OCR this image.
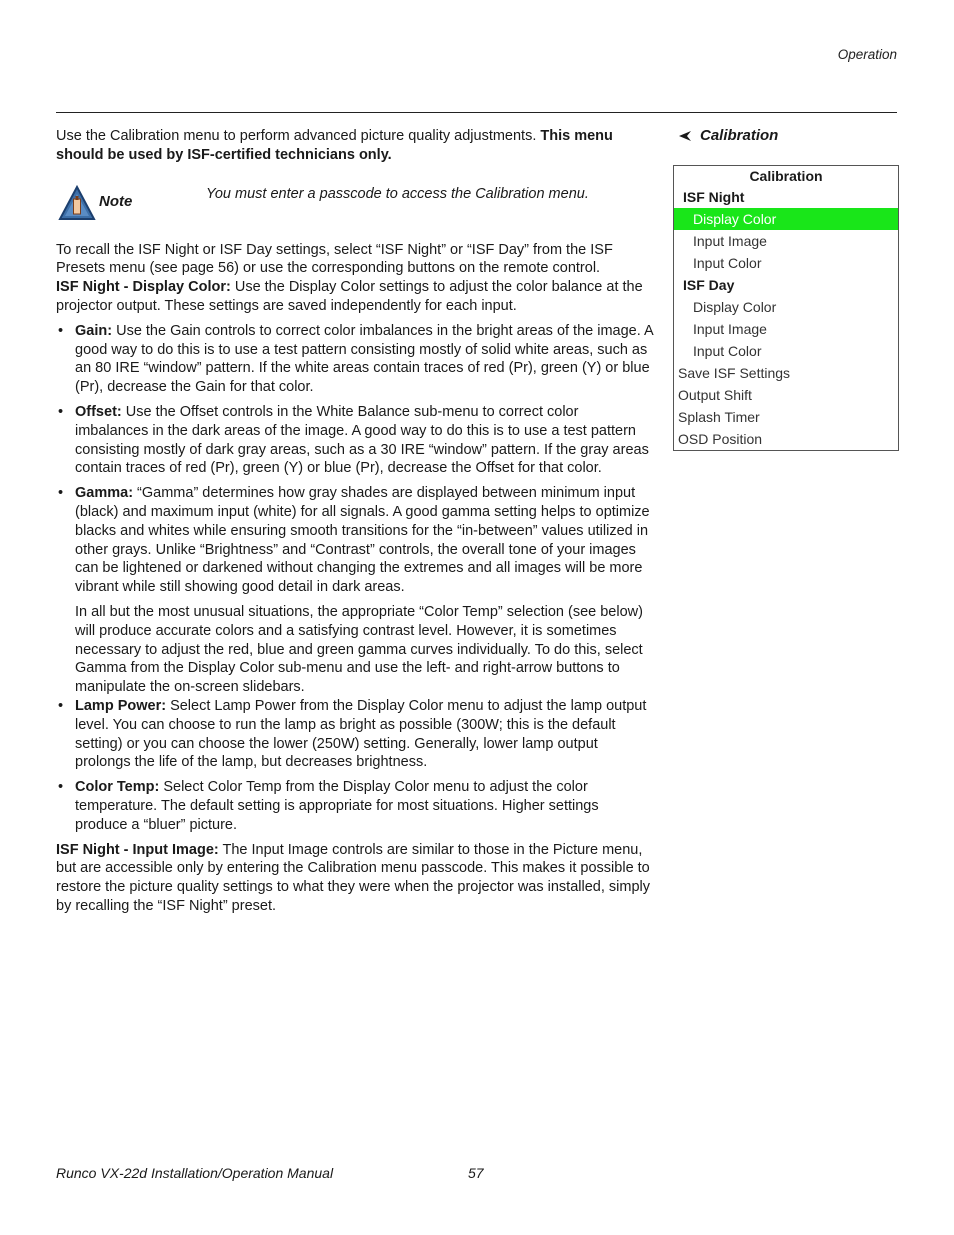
Operation

Use the Calibration menu to perform advanced picture quality adjustments. This menu should be used by ISF-certified technicians only.

Note	You must enter a passcode to access the Calibration menu.

To recall the ISF Night or ISF Day settings, select “ISF Night” or “ISF Day” from the ISF Presets menu (see page 56) or use the corresponding buttons on the remote control.

ISF Night - Display Color: Use the Display Color settings to adjust the color balance at the projector output. These settings are saved independently for each input.

• Gain: Use the Gain controls to correct color imbalances in the bright areas of the image. A good way to do this is to use a test pattern consisting mostly of solid white areas, such as an 80 IRE “window” pattern. If the white areas contain traces of red (Pr), green (Y) or blue (Pr), decrease the Gain for that color.
• Offset: Use the Offset controls in the White Balance sub-menu to correct color imbalances in the dark areas of the image. A good way to do this is to use a test pattern consisting mostly of dark gray areas, such as a 30 IRE “window” pattern. If the gray areas contain traces of red (Pr), green (Y) or blue (Pr), decrease the Offset for that color.
• Gamma: “Gamma” determines how gray shades are displayed between minimum input (black) and maximum input (white) for all signals. A good gamma setting helps to optimize blacks and whites while ensuring smooth transitions for the “in-between” values utilized in other grays. Unlike “Brightness” and “Contrast” controls, the overall tone of your images can be lightened or darkened without changing the extremes and all images will be more vibrant while still showing good detail in dark areas.

In all but the most unusual situations, the appropriate “Color Temp” selection (see below) will produce accurate colors and a satisfying contrast level. However, it is sometimes necessary to adjust the red, blue and green gamma curves individually. To do this, select Gamma from the Display Color sub-menu and use the left- and right-arrow buttons to manipulate the on-screen slidebars.

• Lamp Power: Select Lamp Power from the Display Color menu to adjust the lamp output level. You can choose to run the lamp as bright as possible (300W; this is the default setting) or you can choose the lower (250W) setting. Generally, lower lamp output prolongs the life of the lamp, but decreases brightness.
• Color Temp: Select Color Temp from the Display Color menu to adjust the color temperature. The default setting is appropriate for most situations. Higher settings produce a “bluer” picture.

ISF Night - Input Image: The Input Image controls are similar to those in the Picture menu, but are accessible only by entering the Calibration menu passcode. This makes it possible to restore the picture quality settings to what they were when the projector was installed, simply by recalling the “ISF Night” preset.

Calibration
Calibration
ISF Night
Display Color
Input Image
Input Color
ISF Day
Display Color
Input Image
Input Color
Save ISF Settings
Output Shift
Splash Timer
OSD Position
Runco VX-22d Installation/Operation Manual	57
